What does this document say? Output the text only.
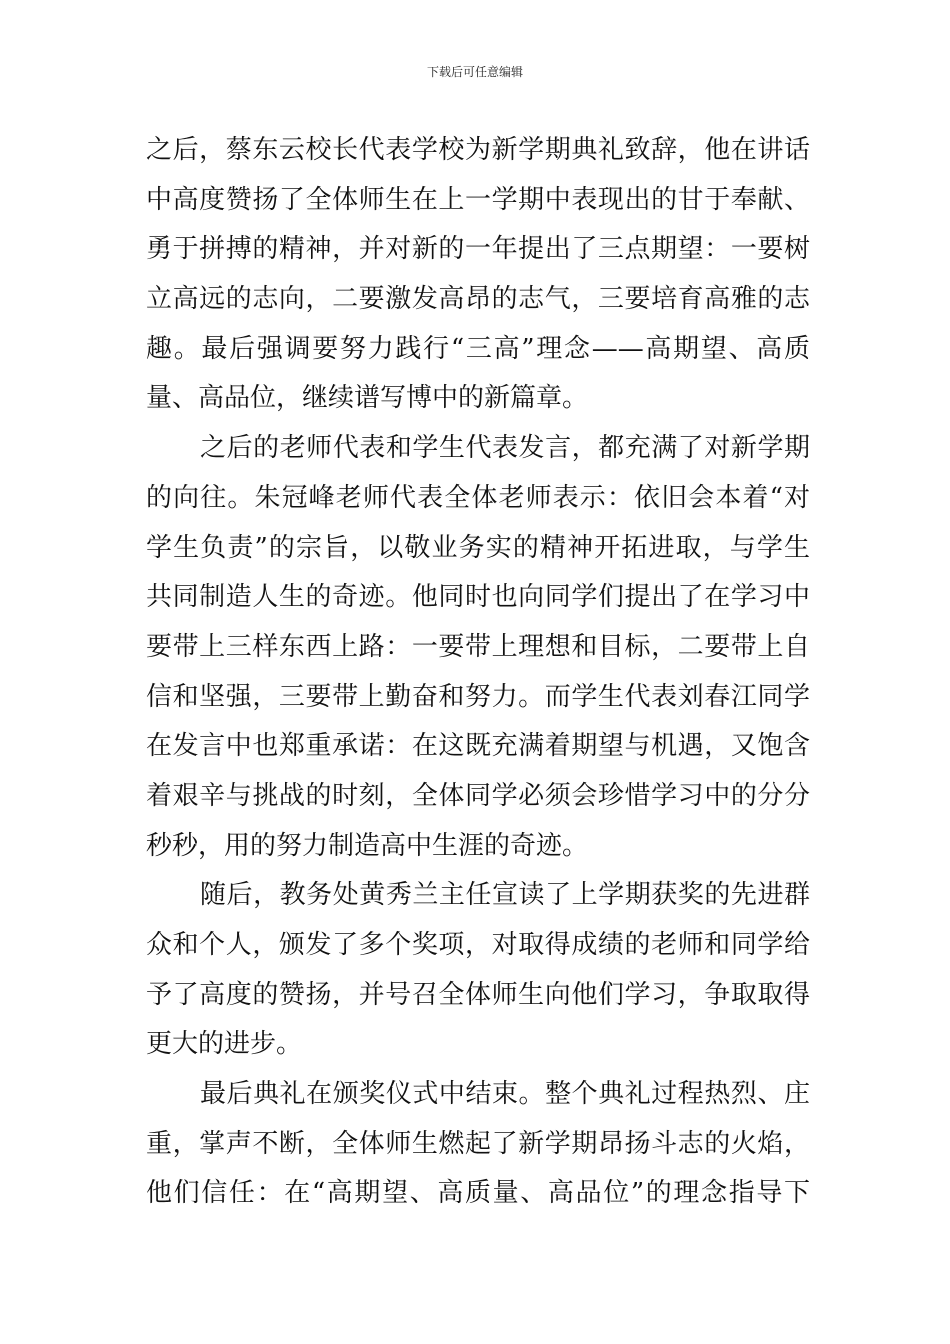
下载后可任意编辑
之后，蔡东云校长代表学校为新学期典礼致辞，他在讲话
中高度赞扬了全体师生在上一学期中表现出的甘于奉献、
勇于拼搏的精神，并对新的一年提出了三点期望：一要树
立高远的志向，二要激发高昂的志气，三要培育高雅的志
趣。最后强调要努力践行“三高”理念——高期望、高质
量、高品位，继续谱写博中的新篇章。
之后的老师代表和学生代表发言，都充满了对新学期
的向往。朱冠峰老师代表全体老师表示：依旧会本着“对
学生负责”的宗旨，以敬业务实的精神开拓进取，与学生
共同制造人生的奇迹。他同时也向同学们提出了在学习中
要带上三样东西上路：一要带上理想和目标，二要带上自
信和坚强，三要带上勤奋和努力。而学生代表刘春江同学
在发言中也郑重承诺：在这既充满着期望与机遇，又饱含
着艰辛与挑战的时刻，全体同学必须会珍惜学习中的分分
秒秒，用的努力制造高中生涯的奇迹。
随后，教务处黄秀兰主任宣读了上学期获奖的先进群
众和个人，颁发了多个奖项，对取得成绩的老师和同学给
予了高度的赞扬，并号召全体师生向他们学习，争取取得
更大的进步。
最后典礼在颁奖仪式中结束。整个典礼过程热烈、庄
重，掌声不断，全体师生燃起了新学期昂扬斗志的火焰，
他们信任：在“高期望、高质量、高品位”的理念指导下
